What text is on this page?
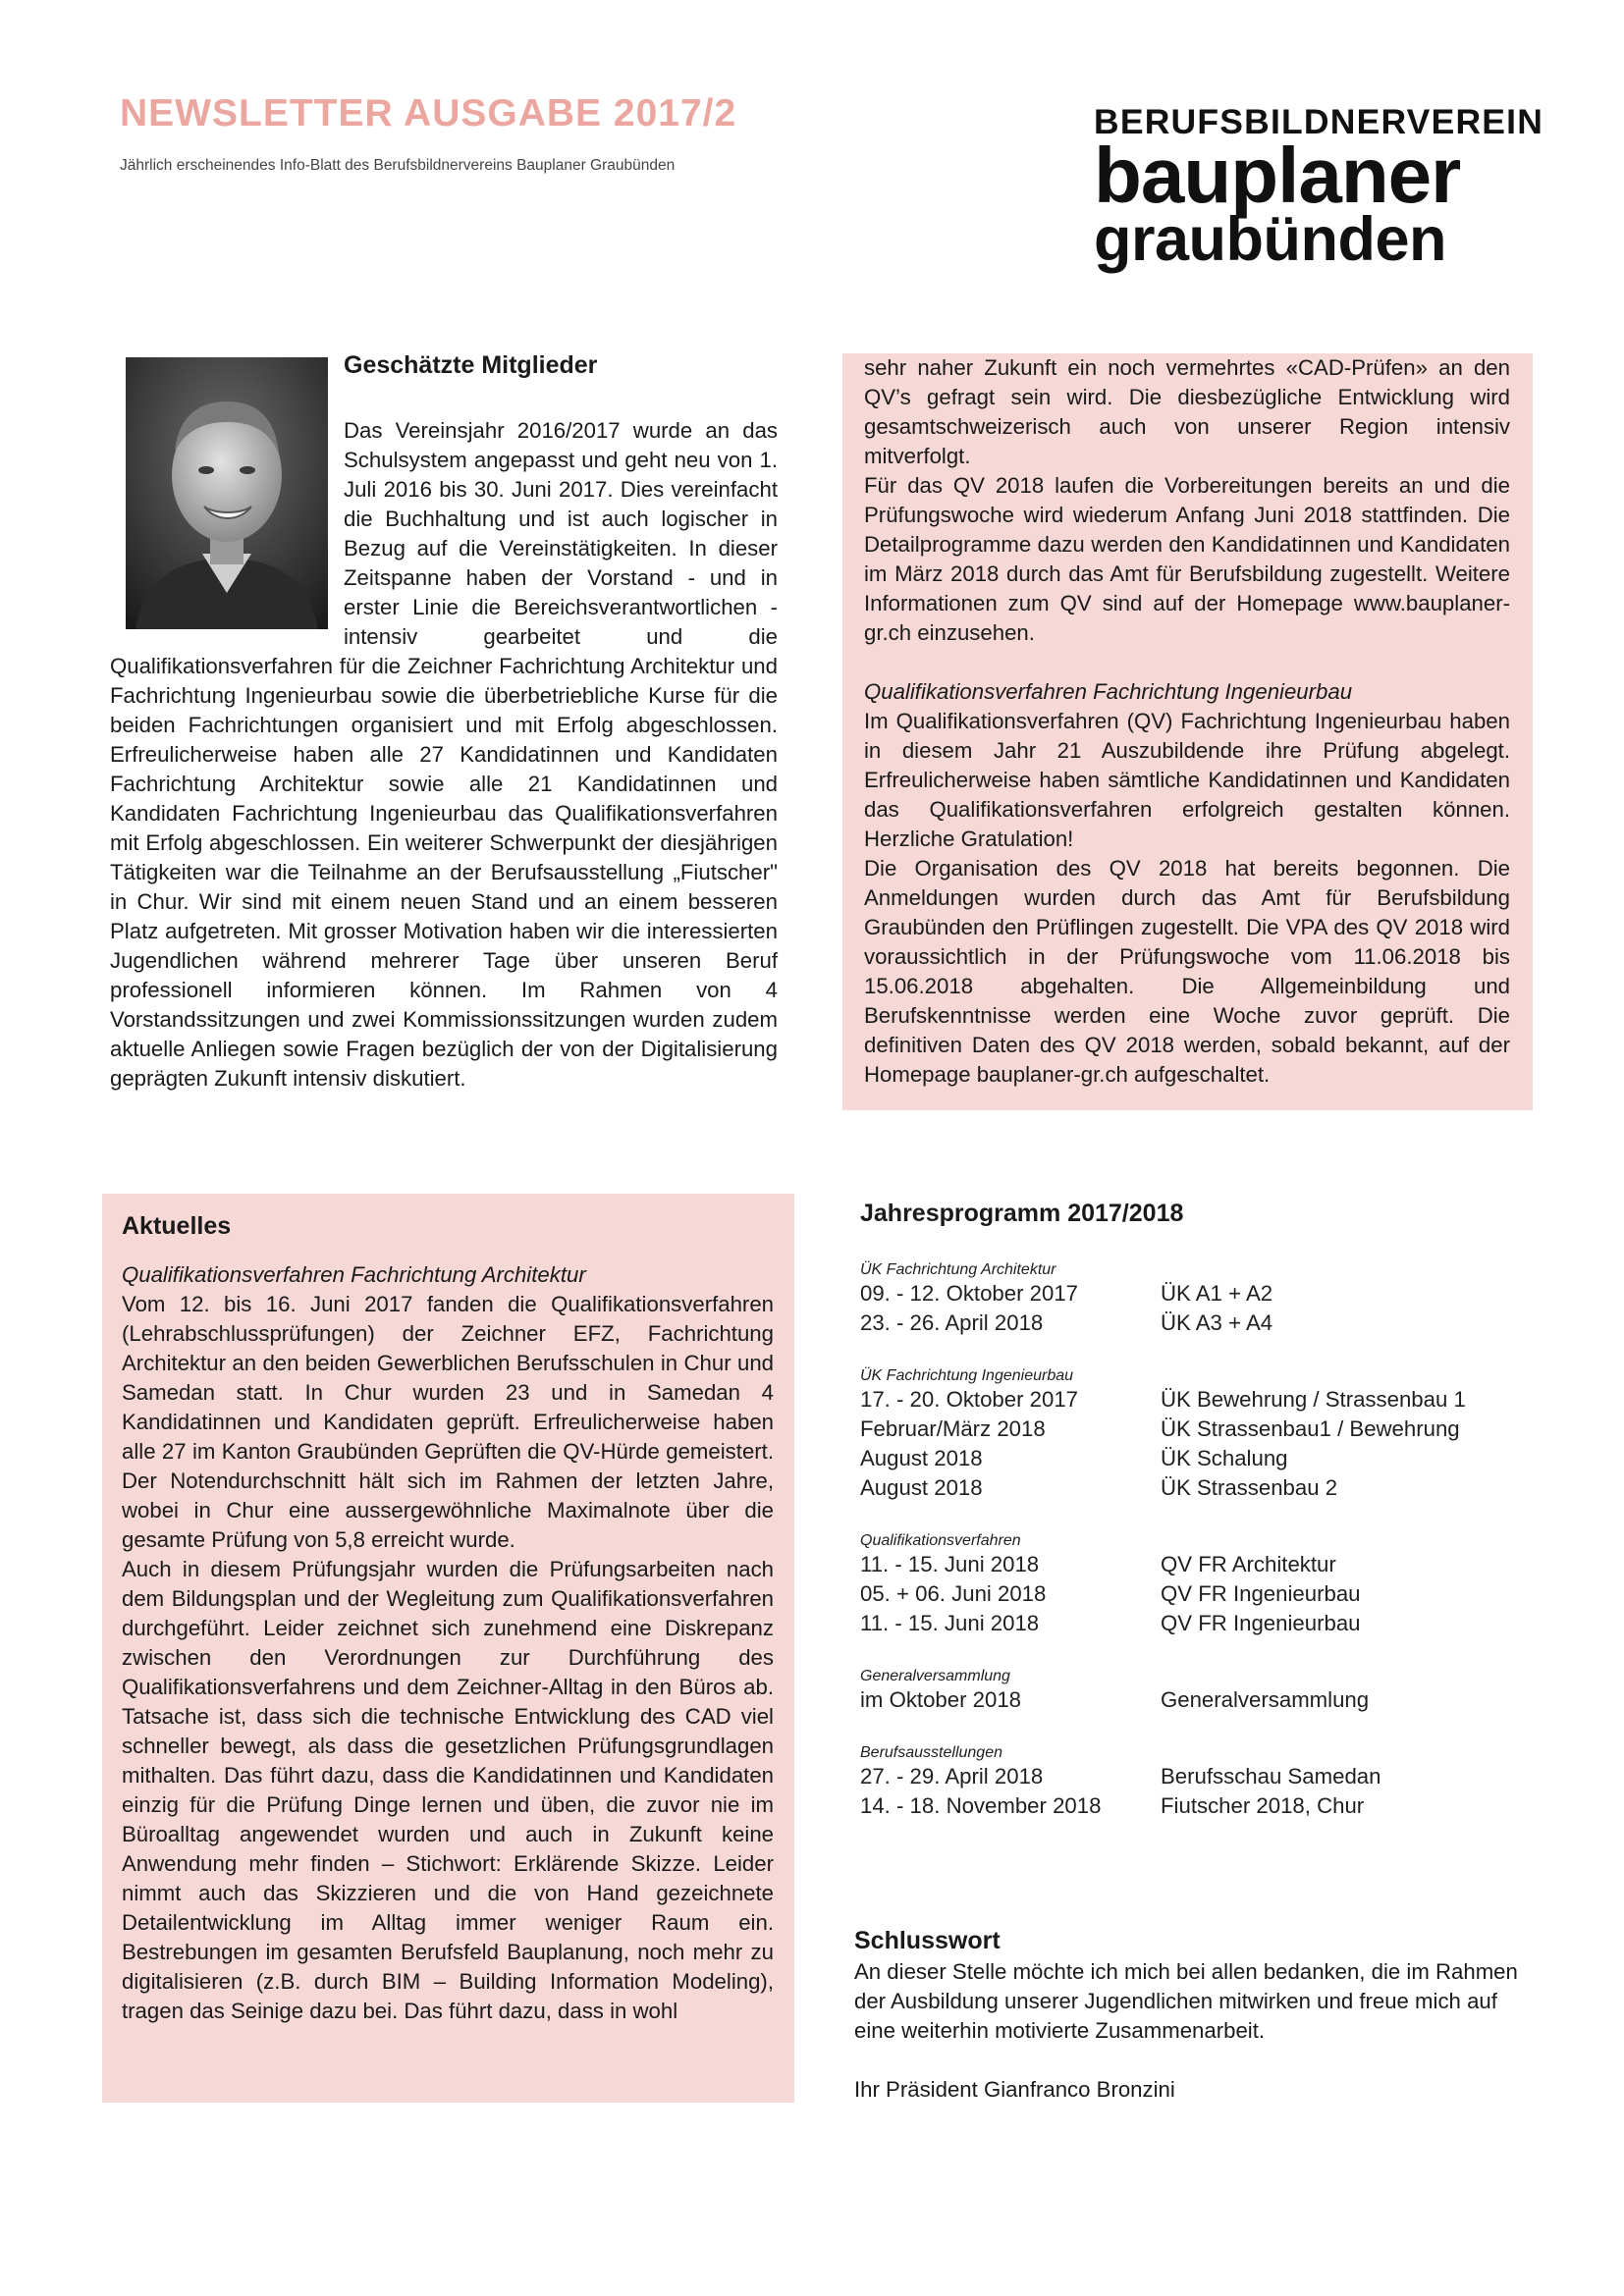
NEWSLETTER AUSGABE 2017/2
Jährlich erscheinendes Info-Blatt des Berufsbildnervereins Bauplaner Graubünden
BERUFSBILDNERVEREIN
bauplaner
graubünden
Geschätzte Mitglieder

Das Vereinsjahr 2016/2017 wurde an das Schulsystem angepasst und geht neu von 1. Juli 2016 bis 30. Juni 2017. Dies vereinfacht die Buchhaltung und ist auch logischer in Bezug auf die Vereinstätigkeiten. In dieser Zeitspanne haben der Vorstand - und in erster Linie die Bereichsverantwortlichen - intensiv gearbeitet und die Qualifikationsverfahren für die Zeichner Fachrichtung Architektur und Fachrichtung Ingenieurbau sowie die überbetriebliche Kurse für die beiden Fachrichtungen organisiert und mit Erfolg abgeschlossen. Erfreulicherweise haben alle 27 Kandidatinnen und Kandidaten Fachrichtung Architektur sowie alle 21 Kandidatinnen und Kandidaten Fachrichtung Ingenieurbau das Qualifikationsverfahren mit Erfolg abgeschlossen. Ein weiterer Schwerpunkt der diesjährigen Tätigkeiten war die Teilnahme an der Berufsausstellung „Fiutscher" in Chur. Wir sind mit einem neuen Stand und an einem besseren Platz aufgetreten. Mit grosser Motivation haben wir die interessierten Jugendlichen während mehrerer Tage über unseren Beruf professionell informieren können. Im Rahmen von 4 Vorstandssitzungen und zwei Kommissionssitzungen wurden zudem aktuelle Anliegen sowie Fragen bezüglich der von der Digitalisierung geprägten Zukunft intensiv diskutiert.

sehr naher Zukunft ein noch vermehrtes «CAD-Prüfen» an den QV’s gefragt sein wird. Die diesbezügliche Entwicklung wird gesamtschweizerisch auch von unserer Region intensiv mitverfolgt.

Für das QV 2018 laufen die Vorbereitungen bereits an und die Prüfungswoche wird wiederum Anfang Juni 2018 stattfinden. Die Detailprogramme dazu werden den Kandidatinnen und Kandidaten im März 2018 durch das Amt für Berufsbildung zugestellt. Weitere Informationen zum QV sind auf der Homepage www.bauplaner-gr.ch einzusehen.

Qualifikationsverfahren Fachrichtung Ingenieurbau

Im Qualifikationsverfahren (QV) Fachrichtung Ingenieurbau haben in diesem Jahr 21 Auszubildende ihre Prüfung abgelegt. Erfreulicherweise haben sämtliche Kandidatinnen und Kandidaten das Qualifikationsverfahren erfolgreich gestalten können. Herzliche Gratulation!

Die Organisation des QV 2018 hat bereits begonnen. Die Anmeldungen wurden durch das Amt für Berufsbildung Graubünden den Prüflingen zugestellt. Die VPA des QV 2018 wird voraussichtlich in der Prüfungswoche vom 11.06.2018 bis 15.06.2018 abgehalten. Die Allgemeinbildung und Berufskenntnisse werden eine Woche zuvor geprüft. Die definitiven Daten des QV 2018 werden, sobald bekannt, auf der Homepage bauplaner-gr.ch aufgeschaltet.

Aktuelles
Qualifikationsverfahren Fachrichtung Architektur

Vom 12. bis 16. Juni 2017 fanden die Qualifikationsverfahren (Lehrabschlussprüfungen) der Zeichner EFZ, Fachrichtung Architektur an den beiden Gewerblichen Berufsschulen in Chur und Samedan statt. In Chur wurden 23 und in Samedan 4 Kandidatinnen und Kandidaten geprüft. Erfreulicherweise haben alle 27 im Kanton Graubünden Geprüften die QV-Hürde gemeistert. Der Notendurchschnitt hält sich im Rahmen der letzten Jahre, wobei in Chur eine aussergewöhnliche Maximalnote über die gesamte Prüfung von 5,8 erreicht wurde.

Auch in diesem Prüfungsjahr wurden die Prüfungsarbeiten nach dem Bildungsplan und der Wegleitung zum Qualifikationsverfahren durchgeführt. Leider zeichnet sich zunehmend eine Diskrepanz zwischen den Verordnungen zur Durchführung des Qualifikationsverfahrens und dem Zeichner-Alltag in den Büros ab. Tatsache ist, dass sich die technische Entwicklung des CAD viel schneller bewegt, als dass die gesetzlichen Prüfungsgrundlagen mithalten. Das führt dazu, dass die Kandidatinnen und Kandidaten einzig für die Prüfung Dinge lernen und üben, die zuvor nie im Büroalltag angewendet wurden und auch in Zukunft keine Anwendung mehr finden – Stichwort: Erklärende Skizze. Leider nimmt auch das Skizzieren und die von Hand gezeichnete Detailentwicklung im Alltag immer weniger Raum ein. Bestrebungen im gesamten Berufsfeld Bauplanung, noch mehr zu digitalisieren (z.B. durch BIM – Building Information Modeling), tragen das Seinige dazu bei. Das führt dazu, dass in wohl

Jahresprogramm 2017/2018
ÜK Fachrichtung Architektur
09. - 12. Oktober 2017	ÜK A1 + A2
23. - 26. April 2018	ÜK A3 + A4
ÜK Fachrichtung Ingenieurbau
17. - 20. Oktober 2017	ÜK Bewehrung / Strassenbau 1
Februar/März 2018	ÜK Strassenbau1 / Bewehrung
August 2018	ÜK Schalung
August 2018	ÜK Strassenbau 2
Qualifikationsverfahren
11. - 15. Juni 2018	QV FR Architektur
05. + 06. Juni 2018	QV FR Ingenieurbau
11. - 15. Juni 2018	QV FR Ingenieurbau
Generalversammlung
im Oktober 2018	Generalversammlung
Berufsausstellungen
27. - 29. April 2018	Berufsschau Samedan
14. - 18. November 2018	Fiutscher 2018, Chur
Schlusswort
An dieser Stelle möchte ich mich bei allen bedanken, die im Rahmen der Ausbildung unserer Jugendlichen mitwirken und freue mich auf eine weiterhin motivierte Zusammenarbeit.
Ihr Präsident Gianfranco Bronzini
